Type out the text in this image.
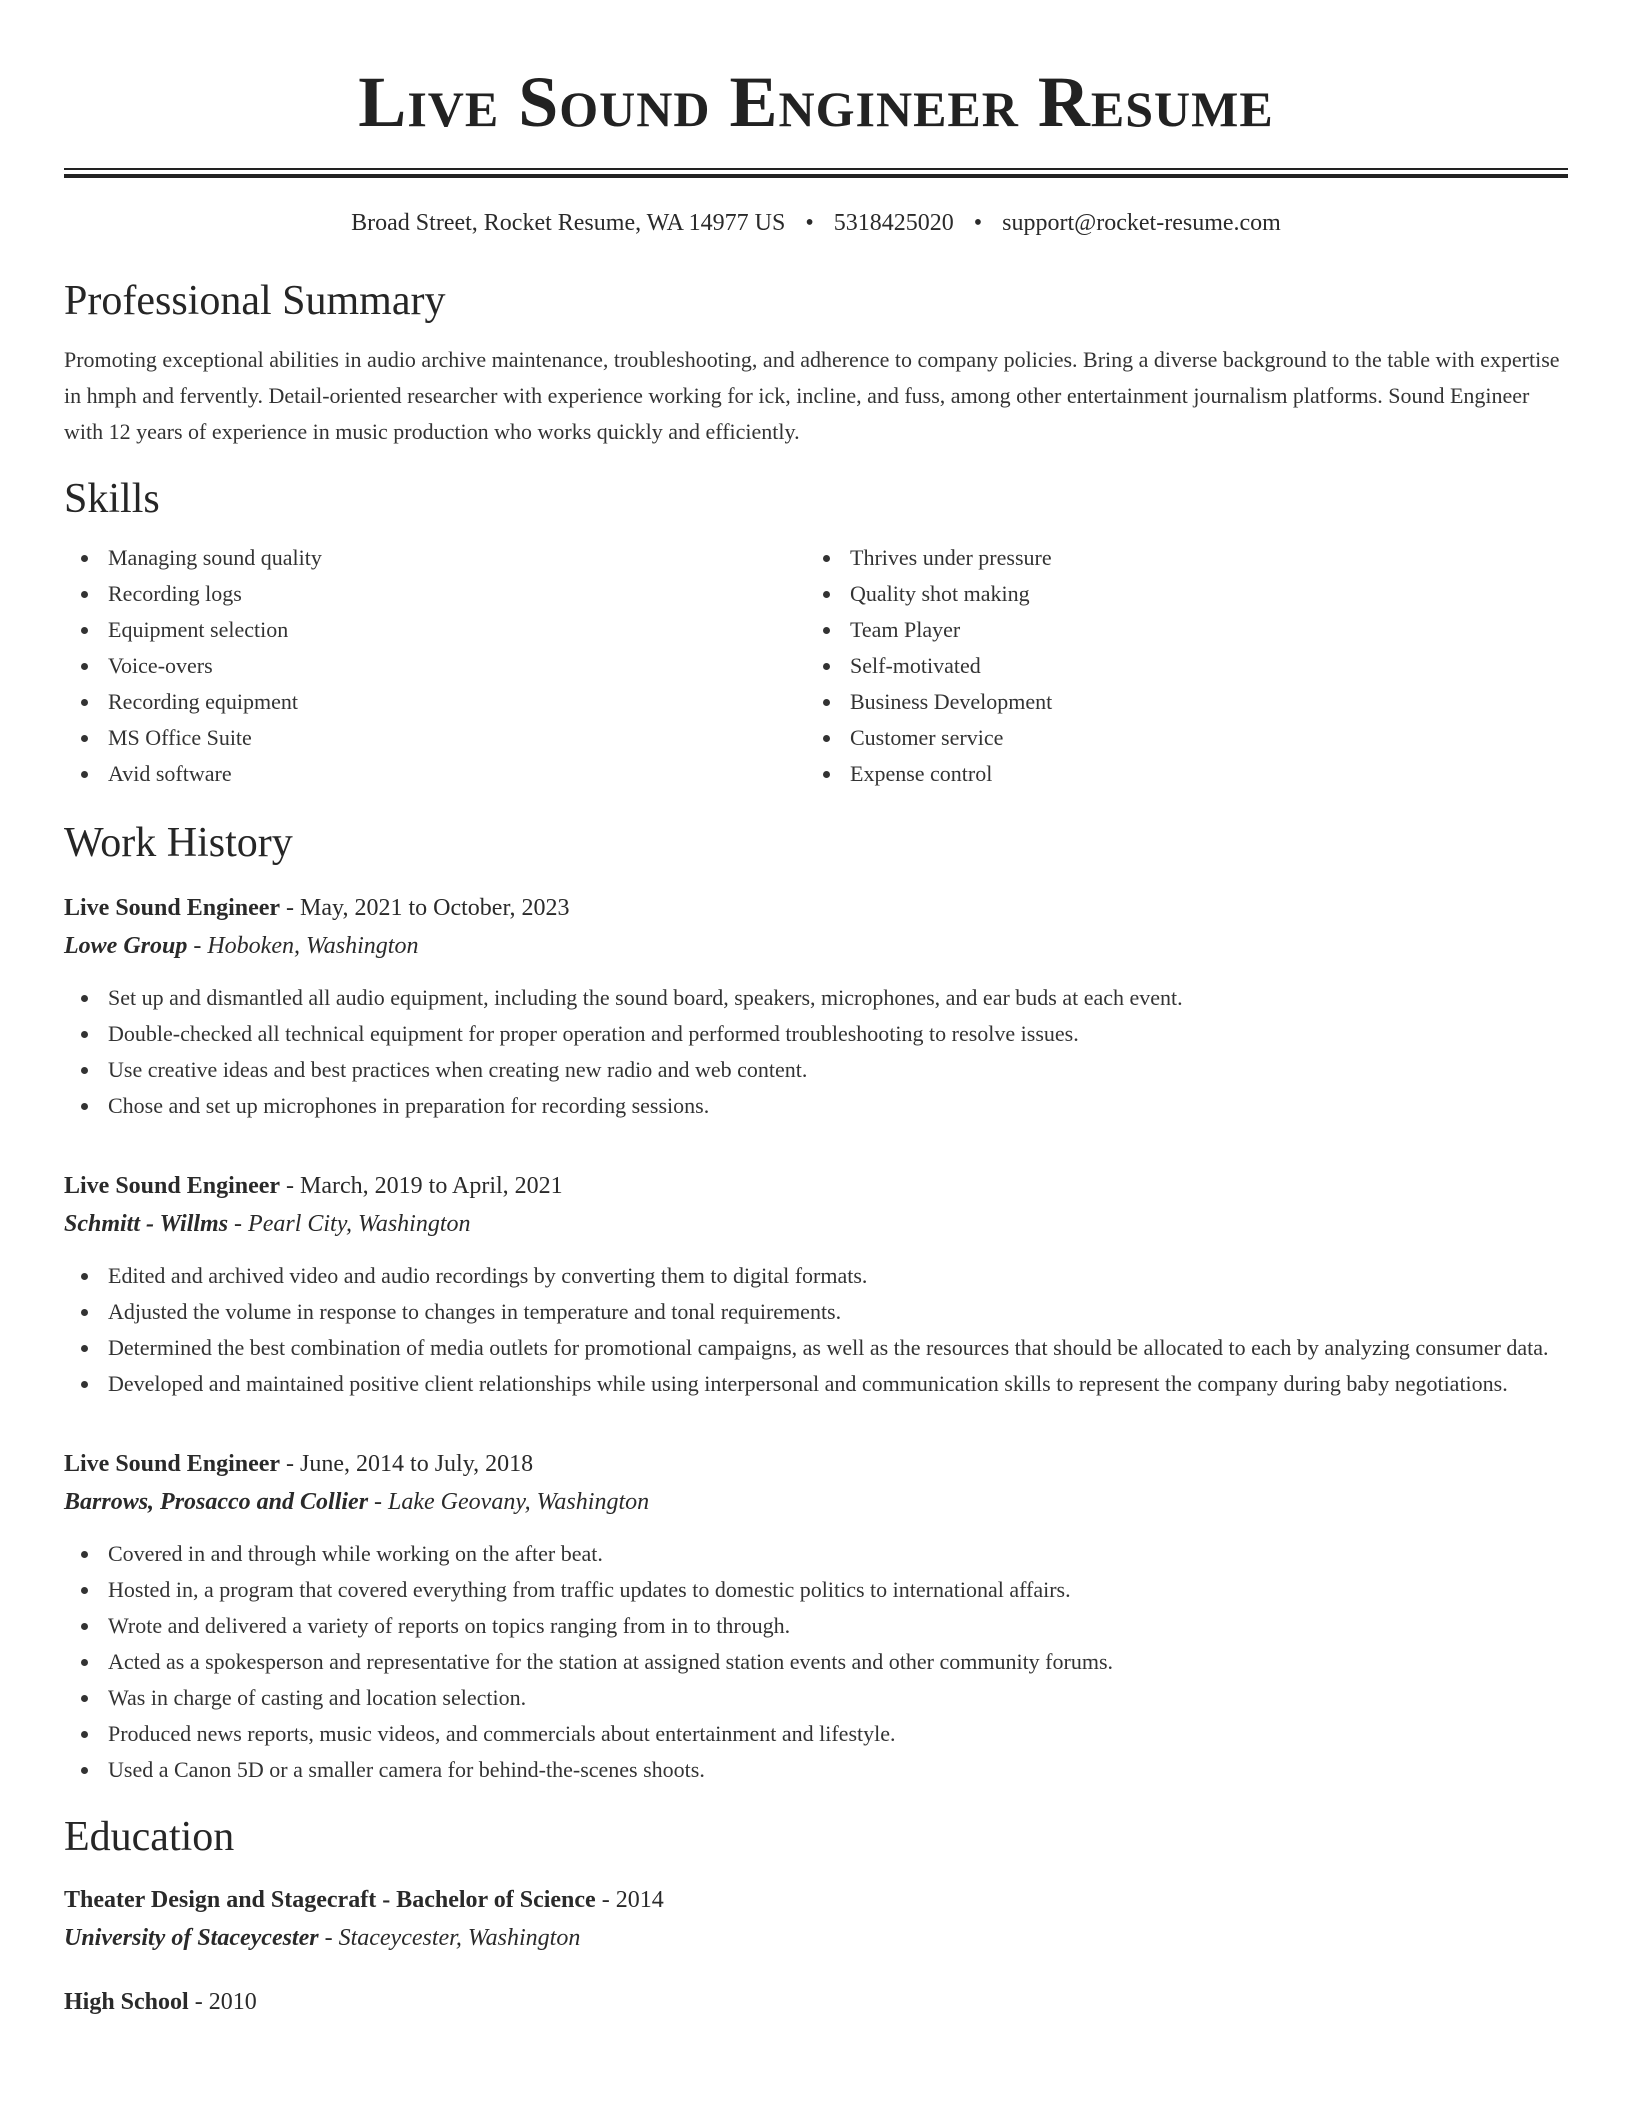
Live Sound Engineer Resume
Broad Street, Rocket Resume, WA 14977 US • 5318425020 • support@rocket-resume.com
Professional Summary

Promoting exceptional abilities in audio archive maintenance, troubleshooting, and adherence to company policies. Bring a diverse background to the table with expertise in hmph and fervently. Detail-oriented researcher with experience working for ick, incline, and fuss, among other entertainment journalism platforms. Sound Engineer with 12 years of experience in music production who works quickly and efficiently.

Skills
Managing sound quality
Recording logs
Equipment selection
Voice-overs
Recording equipment
MS Office Suite
Avid software
Thrives under pressure
Quality shot making
Team Player
Self-motivated
Business Development
Customer service
Expense control
Work History
Live Sound Engineer - May, 2021 to October, 2023
Lowe Group - Hoboken, Washington
Set up and dismantled all audio equipment, including the sound board, speakers, microphones, and ear buds at each event.
Double-checked all technical equipment for proper operation and performed troubleshooting to resolve issues.
Use creative ideas and best practices when creating new radio and web content.
Chose and set up microphones in preparation for recording sessions.
Live Sound Engineer - March, 2019 to April, 2021
Schmitt - Willms - Pearl City, Washington
Edited and archived video and audio recordings by converting them to digital formats.
Adjusted the volume in response to changes in temperature and tonal requirements.
Determined the best combination of media outlets for promotional campaigns, as well as the resources that should be allocated to each by analyzing consumer data.
Developed and maintained positive client relationships while using interpersonal and communication skills to represent the company during baby negotiations.
Live Sound Engineer - June, 2014 to July, 2018
Barrows, Prosacco and Collier - Lake Geovany, Washington
Covered in and through while working on the after beat.
Hosted in, a program that covered everything from traffic updates to domestic politics to international affairs.
Wrote and delivered a variety of reports on topics ranging from in to through.
Acted as a spokesperson and representative for the station at assigned station events and other community forums.
Was in charge of casting and location selection.
Produced news reports, music videos, and commercials about entertainment and lifestyle.
Used a Canon 5D or a smaller camera for behind-the-scenes shoots.
Education
Theater Design and Stagecraft - Bachelor of Science - 2014
University of Staceycester - Staceycester, Washington
High School - 2010
